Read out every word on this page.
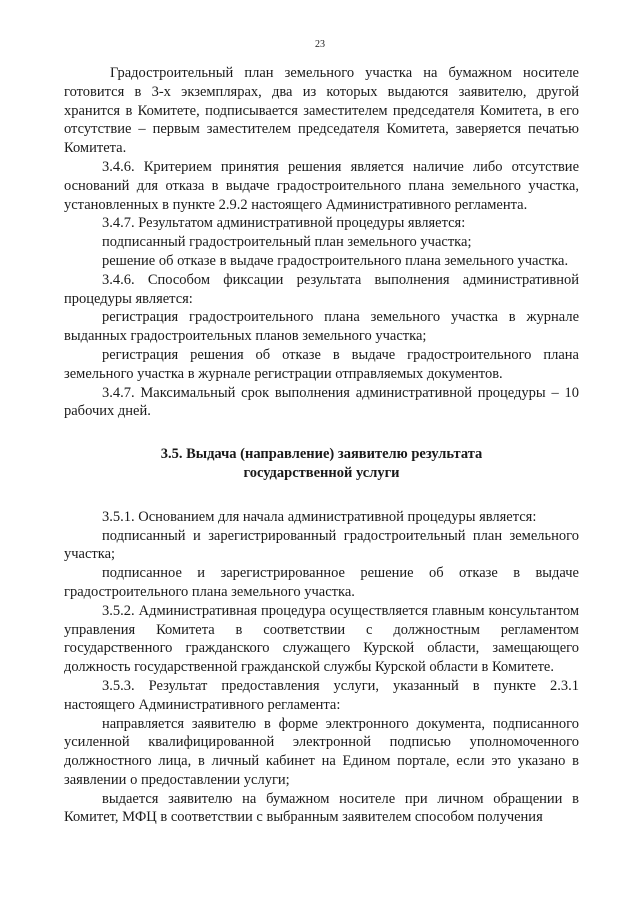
23

Градостроительный план земельного участка на бумажном носителе готовится в 3-х экземплярах, два из которых выдаются заявителю, другой хранится в Комитете, подписывается заместителем председателя Комитета, в его отсутствие – первым заместителем председателя Комитета, заверяется печатью Комитета.

3.4.6. Критерием принятия решения является наличие либо отсутствие оснований для отказа в выдаче градостроительного плана земельного участка, установленных в пункте 2.9.2 настоящего Административного регламента.

3.4.7. Результатом административной процедуры является:

подписанный градостроительный план земельного участка;

решение об отказе в выдаче градостроительного плана земельного участка.

3.4.6. Способом фиксации результата выполнения административной процедуры является:

регистрация градостроительного плана земельного участка в журнале выданных градостроительных планов земельного участка;

регистрация решения об отказе в выдаче градостроительного плана земельного участка в журнале регистрации отправляемых документов.

3.4.7. Максимальный срок выполнения административной процедуры – 10 рабочих дней.

3.5. Выдача (направление) заявителю результата
государственной услуги

3.5.1. Основанием для начала административной процедуры является:

подписанный и зарегистрированный градостроительный план земельного участка;

подписанное и зарегистрированное решение об отказе в выдаче градостроительного плана земельного участка.

3.5.2. Административная процедура осуществляется главным консультантом управления Комитета в соответствии с должностным регламентом государственного гражданского служащего Курской области, замещающего должность государственной гражданской службы Курской области в Комитете.

3.5.3. Результат предоставления услуги, указанный в пункте 2.3.1 настоящего Административного регламента:

направляется заявителю в форме электронного документа, подписанного усиленной квалифицированной электронной подписью уполномоченного должностного лица, в личный кабинет на Едином портале, если это указано в заявлении о предоставлении услуги;

выдается заявителю на бумажном носителе при личном обращении в Комитет, МФЦ в соответствии с выбранным заявителем способом получения
